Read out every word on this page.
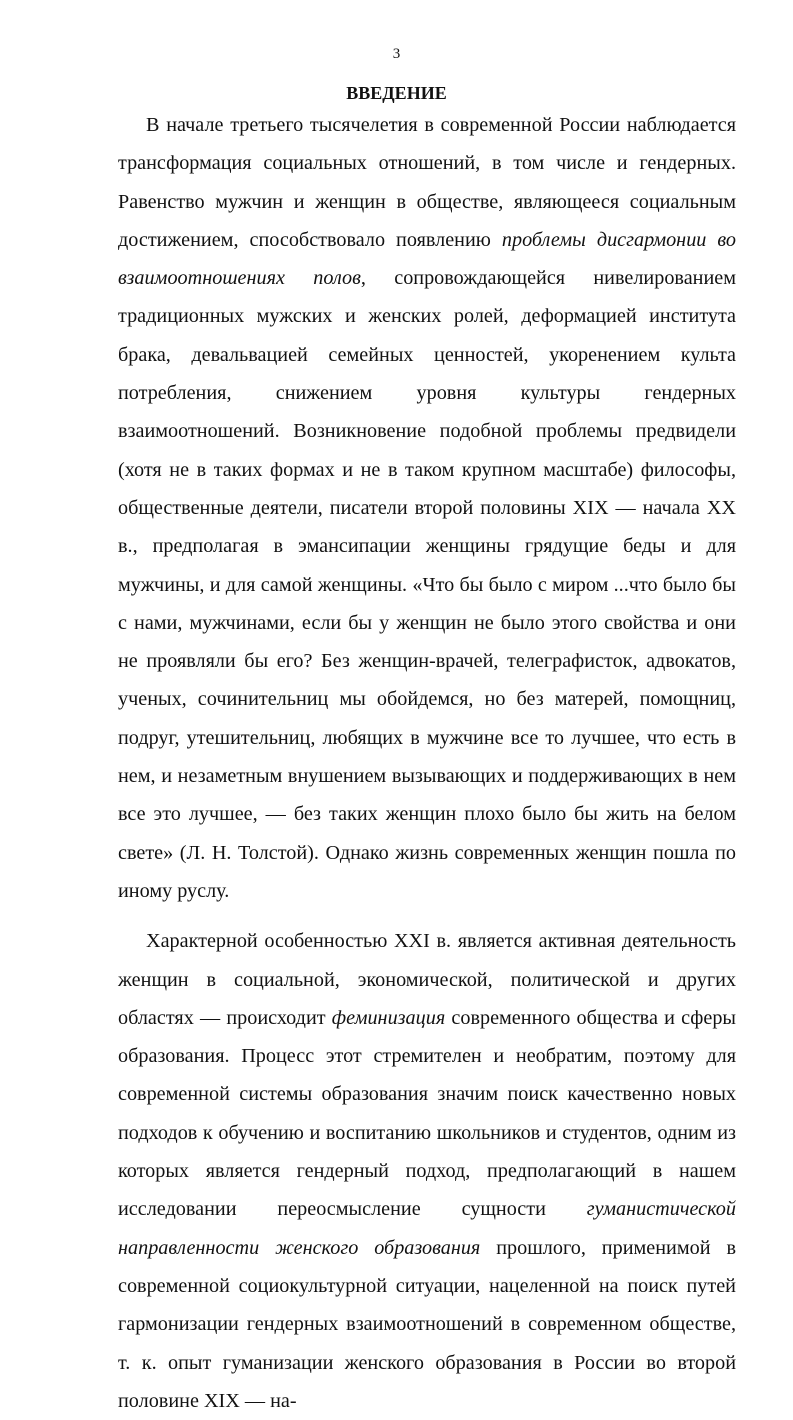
3
ВВЕДЕНИЕ

В начале третьего тысячелетия в современной России наблюдается трансформация социальных отношений, в том числе и гендерных. Равенство мужчин и женщин в обществе, являющееся социальным достижением, способствовало появлению проблемы дисгармонии во взаимоотношениях полов, сопровождающейся нивелированием традиционных мужских и женских ролей, деформацией института брака, девальвацией семейных ценностей, укоренением культа потребления, снижением уровня культуры гендерных взаимоотношений. Возникновение подобной проблемы предвидели (хотя не в таких формах и не в таком крупном масштабе) философы, общественные деятели, писатели второй половины XIX — начала XX в., предполагая в эмансипации женщины грядущие беды и для мужчины, и для самой женщины. «Что бы было с миром ...что было бы с нами, мужчинами, если бы у женщин не было этого свойства и они не проявляли бы его? Без женщин-врачей, телеграфисток, адвокатов, ученых, сочинительниц мы обойдемся, но без матерей, помощниц, подруг, утешительниц, любящих в мужчине все то лучшее, что есть в нем, и незаметным внушением вызывающих и поддерживающих в нем все это лучшее, — без таких женщин плохо было бы жить на белом свете» (Л. Н. Толстой). Однако жизнь современных женщин пошла по иному руслу.

Характерной особенностью XXI в. является активная деятельность женщин в социальной, экономической, политической и других областях — происходит феминизация современного общества и сферы образования. Процесс этот стремителен и необратим, поэтому для современной системы образования значим поиск качественно новых подходов к обучению и воспитанию школьников и студентов, одним из которых является гендерный подход, предполагающий в нашем исследовании переосмысление сущности гуманистической направленности женского образования прошлого, применимой в современной социокультурной ситуации, нацеленной на поиск путей гармонизации гендерных взаимоотношений в современном обществе, т. к. опыт гуманизации женского образования в России во второй половине XIX — на-
